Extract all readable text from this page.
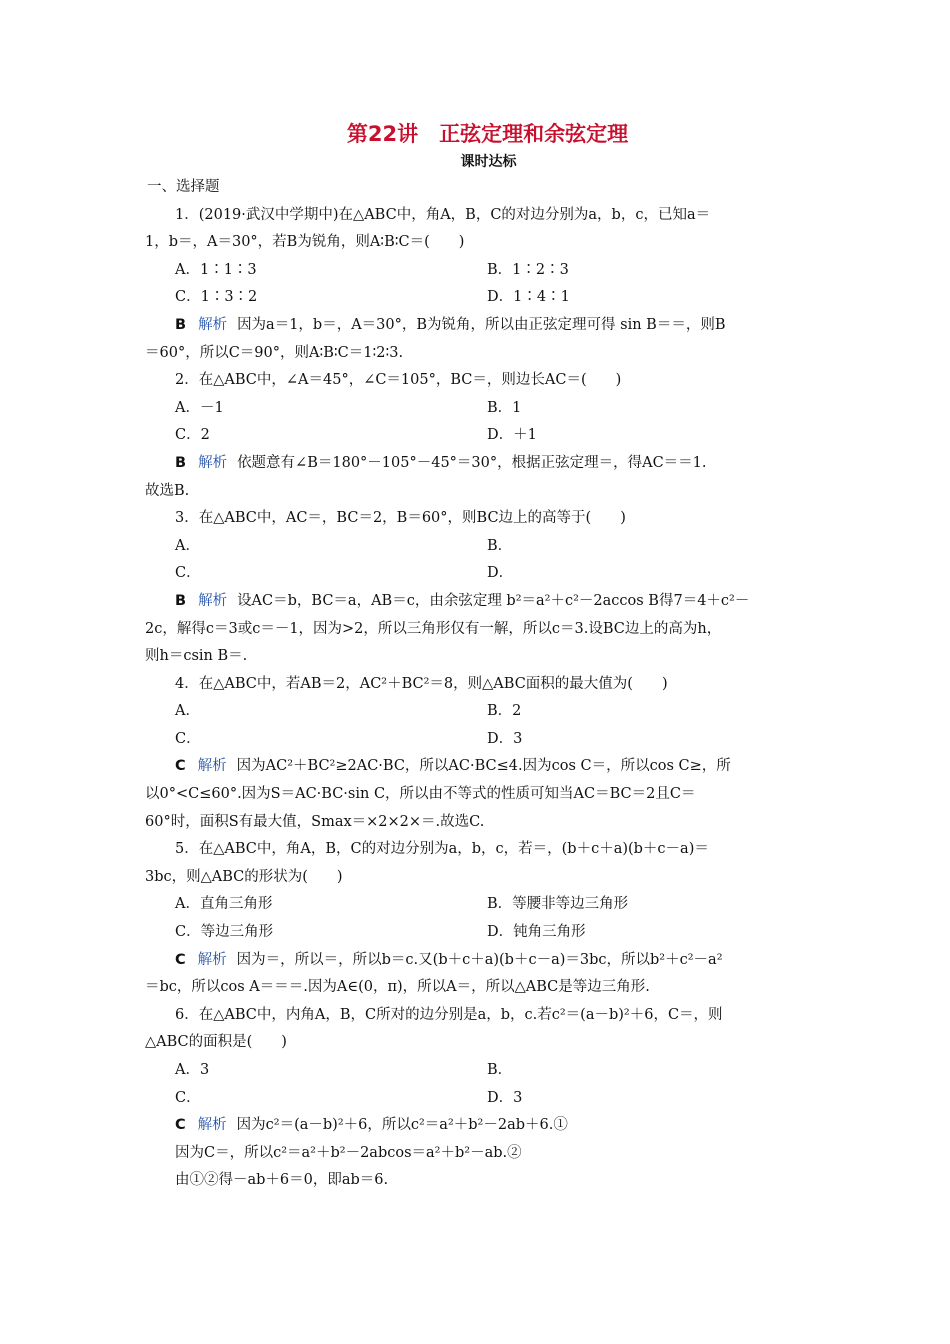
第22讲　正弦定理和余弦定理
课时达标
一、选择题
1．(2019·武汉中学期中)在△ABC中，角A，B，C的对边分别为a，b，c，已知a＝
1，b＝，A＝30°，若B为锐角，则A∶B∶C＝(　　)
A．1∶1∶3	B．1∶2∶3
C．1∶3∶2	D．1∶4∶1
B 解析 因为a＝1，b＝，A＝30°，B为锐角，所以由正弦定理可得 sin B＝＝，则B
＝60°，所以C＝90°，则A∶B∶C＝1∶2∶3.
2．在△ABC中，∠A＝45°，∠C＝105°，BC＝，则边长AC＝(　　)
A．－1	B．1
C．2	D．＋1
B 解析 依题意有∠B＝180°－105°－45°＝30°，根据正弦定理＝，得AC＝＝1.
故选B.
3．在△ABC中，AC＝，BC＝2，B＝60°，则BC边上的高等于(　　)
A．	B．
C．	D．
B 解析 设AC＝b，BC＝a，AB＝c，由余弦定理 b²＝a²＋c²－2accos B得7＝4＋c²－
2c，解得c＝3或c＝－1，因为>2，所以三角形仅有一解，所以c＝3.设BC边上的高为h，
则h＝csin B＝.
4．在△ABC中，若AB＝2，AC²＋BC²＝8，则△ABC面积的最大值为(　　)
A．	B．2
C．	D．3
C 解析 因为AC²＋BC²≥2AC·BC，所以AC·BC≤4.因为cos C＝，所以cos C≥，所
以0°<C≤60°.因为S＝AC·BC·sin C，所以由不等式的性质可知当AC＝BC＝2且C＝
60°时，面积S有最大值，Smax＝×2×2×＝.故选C.
5．在△ABC中，角A，B，C的对边分别为a，b，c，若＝，(b＋c＋a)(b＋c－a)＝
3bc，则△ABC的形状为(　　)
A．直角三角形	B．等腰非等边三角形
C．等边三角形	D．钝角三角形
C 解析 因为＝，所以＝，所以b＝c.又(b＋c＋a)(b＋c－a)＝3bc，所以b²＋c²－a²
＝bc，所以cos A＝＝＝.因为A∈(0，π)，所以A＝，所以△ABC是等边三角形.
6．在△ABC中，内角A，B，C所对的边分别是a，b，c.若c²＝(a－b)²＋6，C＝，则
△ABC的面积是(　　)
A．3	B．
C．	D．3
C 解析 因为c²＝(a－b)²＋6，所以c²＝a²＋b²－2ab＋6.①
因为C＝，所以c²＝a²＋b²－2abcos＝a²＋b²－ab.②
由①②得－ab＋6＝0，即ab＝6.
